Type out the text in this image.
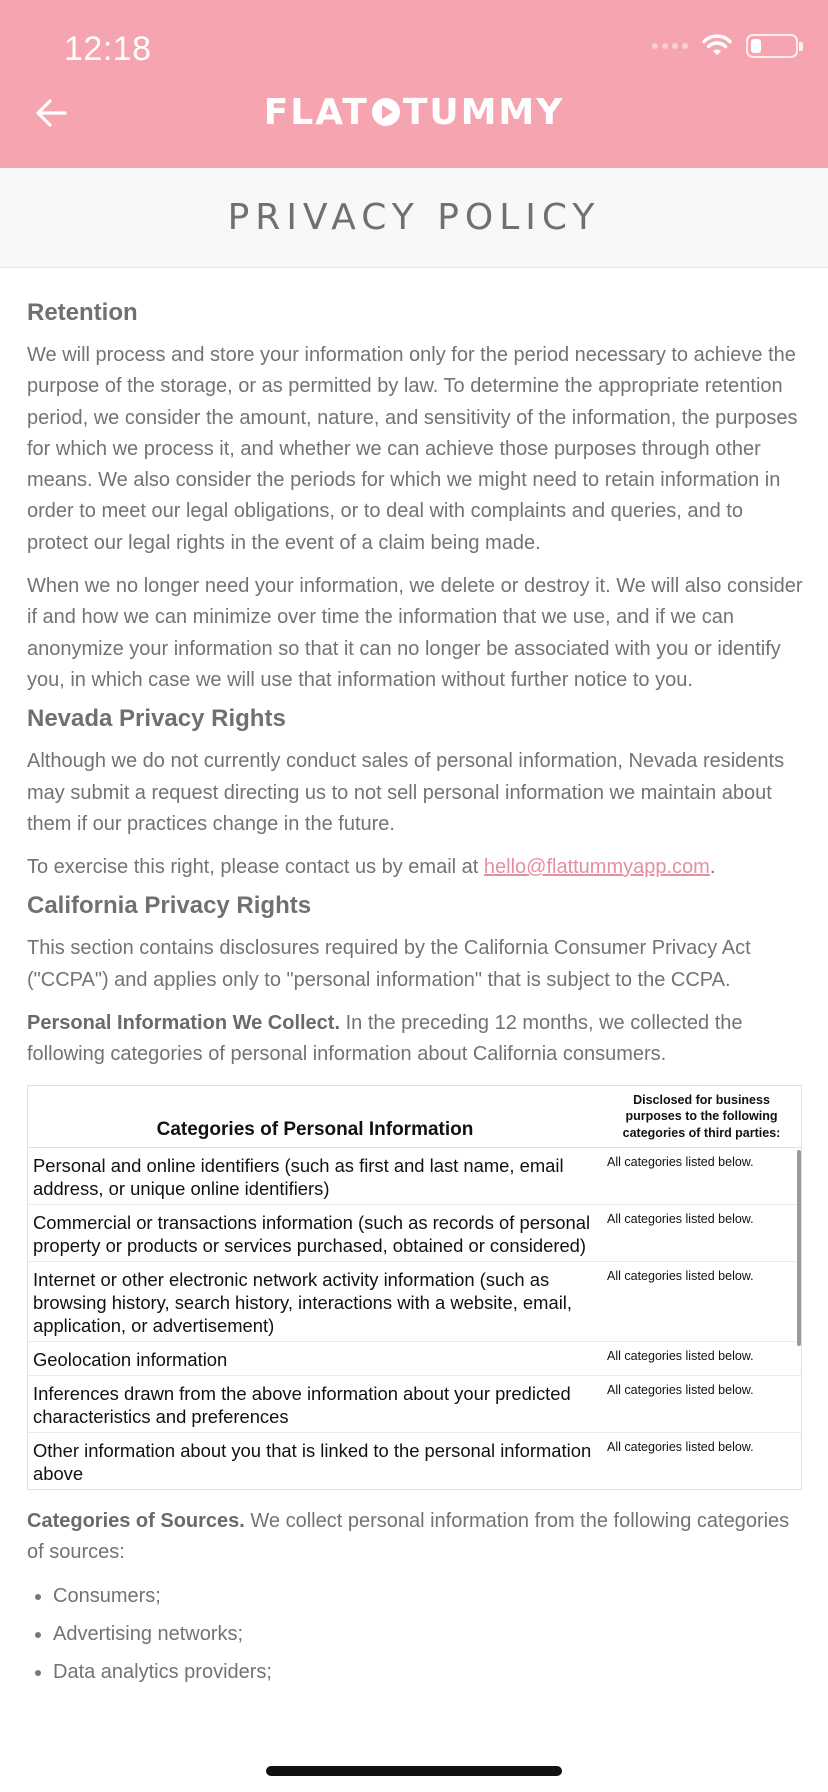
12:18
FLAT TUMMY
PRIVACY POLICY
Retention

We will process and store your information only for the period necessary to achieve the purpose of the storage, or as permitted by law. To determine the appropriate retention period, we consider the amount, nature, and sensitivity of the information, the purposes for which we process it, and whether we can achieve those purposes through other means. We also consider the periods for which we might need to retain information in order to meet our legal obligations, or to deal with complaints and queries, and to protect our legal rights in the event of a claim being made.

When we no longer need your information, we delete or destroy it. We will also consider if and how we can minimize over time the information that we use, and if we can anonymize your information so that it can no longer be associated with you or identify you, in which case we will use that information without further notice to you.

Nevada Privacy Rights

Although we do not currently conduct sales of personal information, Nevada residents may submit a request directing us to not sell personal information we maintain about them if our practices change in the future.

To exercise this right, please contact us by email at hello@flattummyapp.com.

California Privacy Rights

This section contains disclosures required by the California Consumer Privacy Act ("CCPA") and applies only to "personal information" that is subject to the CCPA.

Personal Information We Collect. In the preceding 12 months, we collected the following categories of personal information about California consumers.

Categories of Personal Information	Disclosed for business purposes to the following categories of third parties:
Personal and online identifiers (such as first and last name, email address, or unique online identifiers)	All categories listed below.
Commercial or transactions information (such as records of personal property or products or services purchased, obtained or considered)	All categories listed below.
Internet or other electronic network activity information (such as browsing history, search history, interactions with a website, email, application, or advertisement)	All categories listed below.
Geolocation information	All categories listed below.
Inferences drawn from the above information about your predicted characteristics and preferences	All categories listed below.
Other information about you that is linked to the personal information above	All categories listed below.

Categories of Sources. We collect personal information from the following categories of sources:

Consumers;
Advertising networks;
Data analytics providers;
